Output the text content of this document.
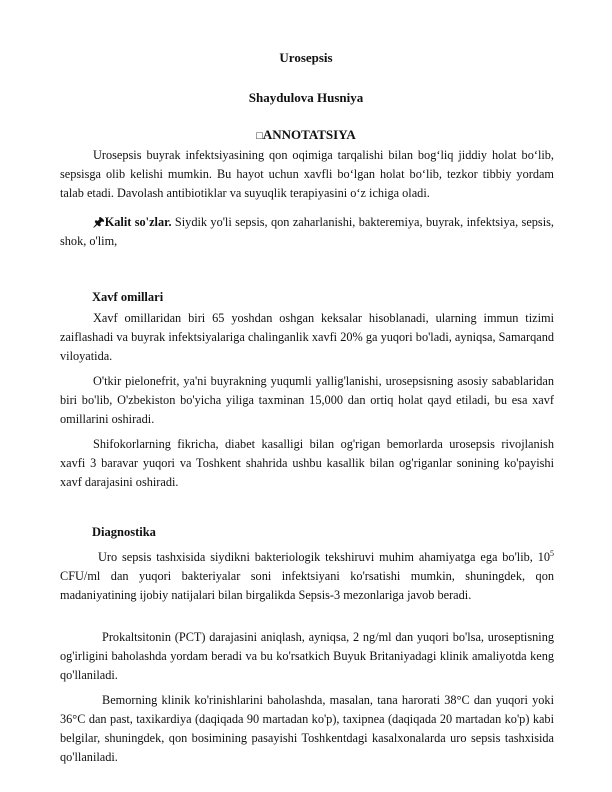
Urosepsis
Shaydulova Husniya
□ANNOTATSIYA

Urosepsis buyrak infektsiyasining qon oqimiga tarqalishi bilan bog‘liq jiddiy holat bo‘lib, sepsisga olib kelishi mumkin. Bu hayot uchun xavfli bo‘lgan holat bo‘lib, tezkor tibbiy yordam talab etadi. Davolash antibiotiklar va suyuqlik terapiyasini o‘z ichiga oladi.

🖈Kalit so'zlar. Siydik yo'li sepsis, qon zaharlanishi, bakteremiya, buyrak, infektsiya, sepsis, shok, o'lim,

Xavf omillari

Xavf omillaridan biri 65 yoshdan oshgan keksalar hisoblanadi, ularning immun tizimi zaiflashadi va buyrak infektsiyalariga chalinganlik xavfi 20% ga yuqori bo'ladi, ayniqsa, Samarqand viloyatida.

O'tkir pielonefrit, ya'ni buyrakning yuqumli yallig'lanishi, urosepsisning asosiy sabablaridan biri bo'lib, O'zbekiston bo'yicha yiliga taxminan 15,000 dan ortiq holat qayd etiladi, bu esa xavf omillarini oshiradi.

Shifokorlarning fikricha, diabet kasalligi bilan og'rigan bemorlarda urosepsis rivojlanish xavfi 3 baravar yuqori va Toshkent shahrida ushbu kasallik bilan og'riganlar sonining ko'payishi xavf darajasini oshiradi.

Diagnostika

Uro sepsis tashxisida siydikni bakteriologik tekshiruvi muhim ahamiyatga ega bo'lib, $10^5$ CFU/ml dan yuqori bakteriyalar soni infektsiyani ko'rsatishi mumkin, shuningdek, qon madaniyatining ijobiy natijalari bilan birgalikda Sepsis-3 mezonlariga javob beradi.

Prokaltsitonin (PCT) darajasini aniqlash, ayniqsa, 2 ng/ml dan yuqori bo'lsa, uroseptisning og'irligini baholashda yordam beradi va bu ko'rsatkich Buyuk Britaniyadagi klinik amaliyotda keng qo'llaniladi.

Bemorning klinik ko'rinishlarini baholashda, masalan, tana harorati 38°C dan yuqori yoki 36°C dan past, taxikardiya (daqiqada 90 martadan ko'p), taxipnea (daqiqada 20 martadan ko'p) kabi belgilar, shuningdek, qon bosimining pasayishi Toshkentdagi kasalxonalarda uro sepsis tashxisida qo'llaniladi.
